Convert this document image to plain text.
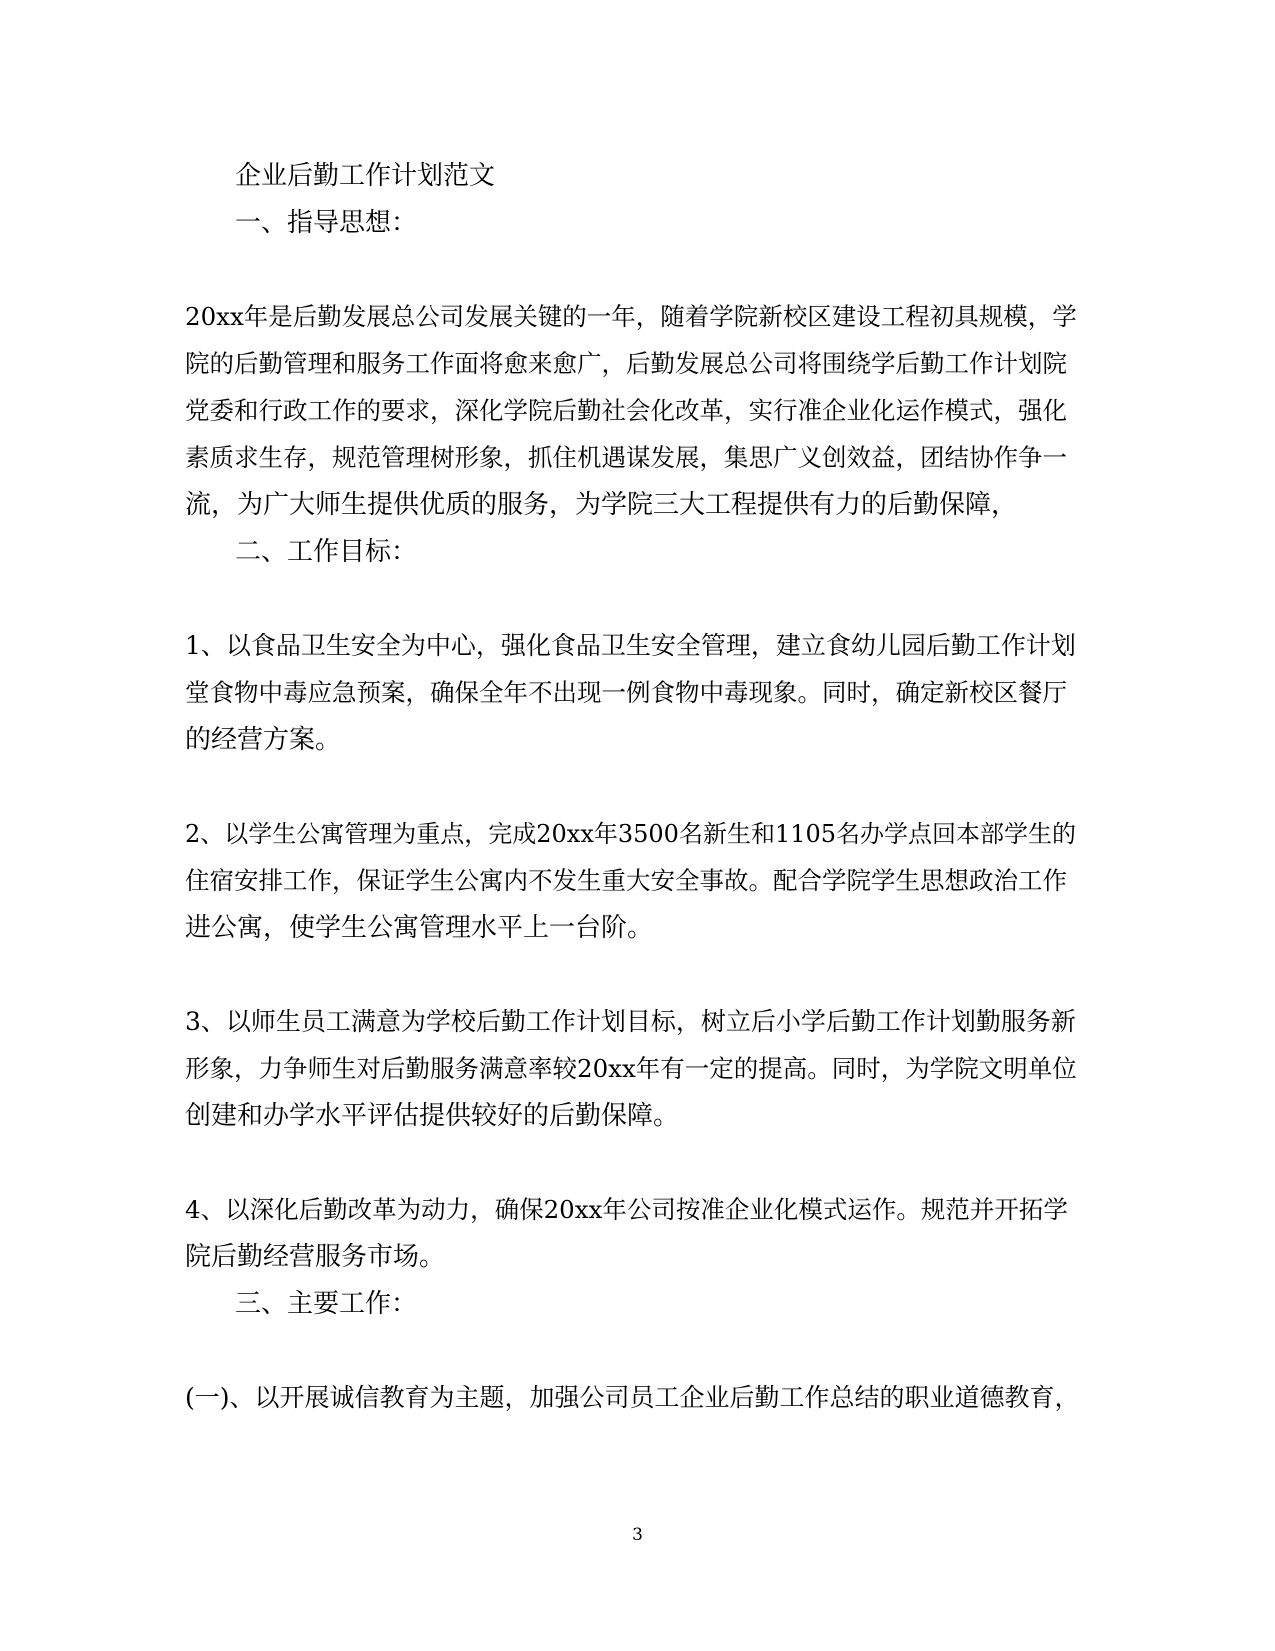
企业后勤工作计划范文
一、指导思想：
20xx年是后勤发展总公司发展关键的一年，随着学院新校区建设工程初具规模，学
院的后勤管理和服务工作面将愈来愈广，后勤发展总公司将围绕学后勤工作计划院
党委和行政工作的要求，深化学院后勤社会化改革，实行准企业化运作模式，强化
素质求生存，规范管理树形象，抓住机遇谋发展，集思广义创效益，团结协作争一
流，为广大师生提供优质的服务，为学院三大工程提供有力的后勤保障，
二、工作目标：
1、以食品卫生安全为中心，强化食品卫生安全管理，建立食幼儿园后勤工作计划
堂食物中毒应急预案，确保全年不出现一例食物中毒现象。同时，确定新校区餐厅
的经营方案。
2、以学生公寓管理为重点，完成20xx年3500名新生和1105名办学点回本部学生的
住宿安排工作，保证学生公寓内不发生重大安全事故。配合学院学生思想政治工作
进公寓，使学生公寓管理水平上一台阶。
3、以师生员工满意为学校后勤工作计划目标，树立后小学后勤工作计划勤服务新
形象，力争师生对后勤服务满意率较20xx年有一定的提高。同时，为学院文明单位
创建和办学水平评估提供较好的后勤保障。
4、以深化后勤改革为动力，确保20xx年公司按准企业化模式运作。规范并开拓学
院后勤经营服务市场。
三、主要工作：
(一)、以开展诚信教育为主题，加强公司员工企业后勤工作总结的职业道德教育，
3
